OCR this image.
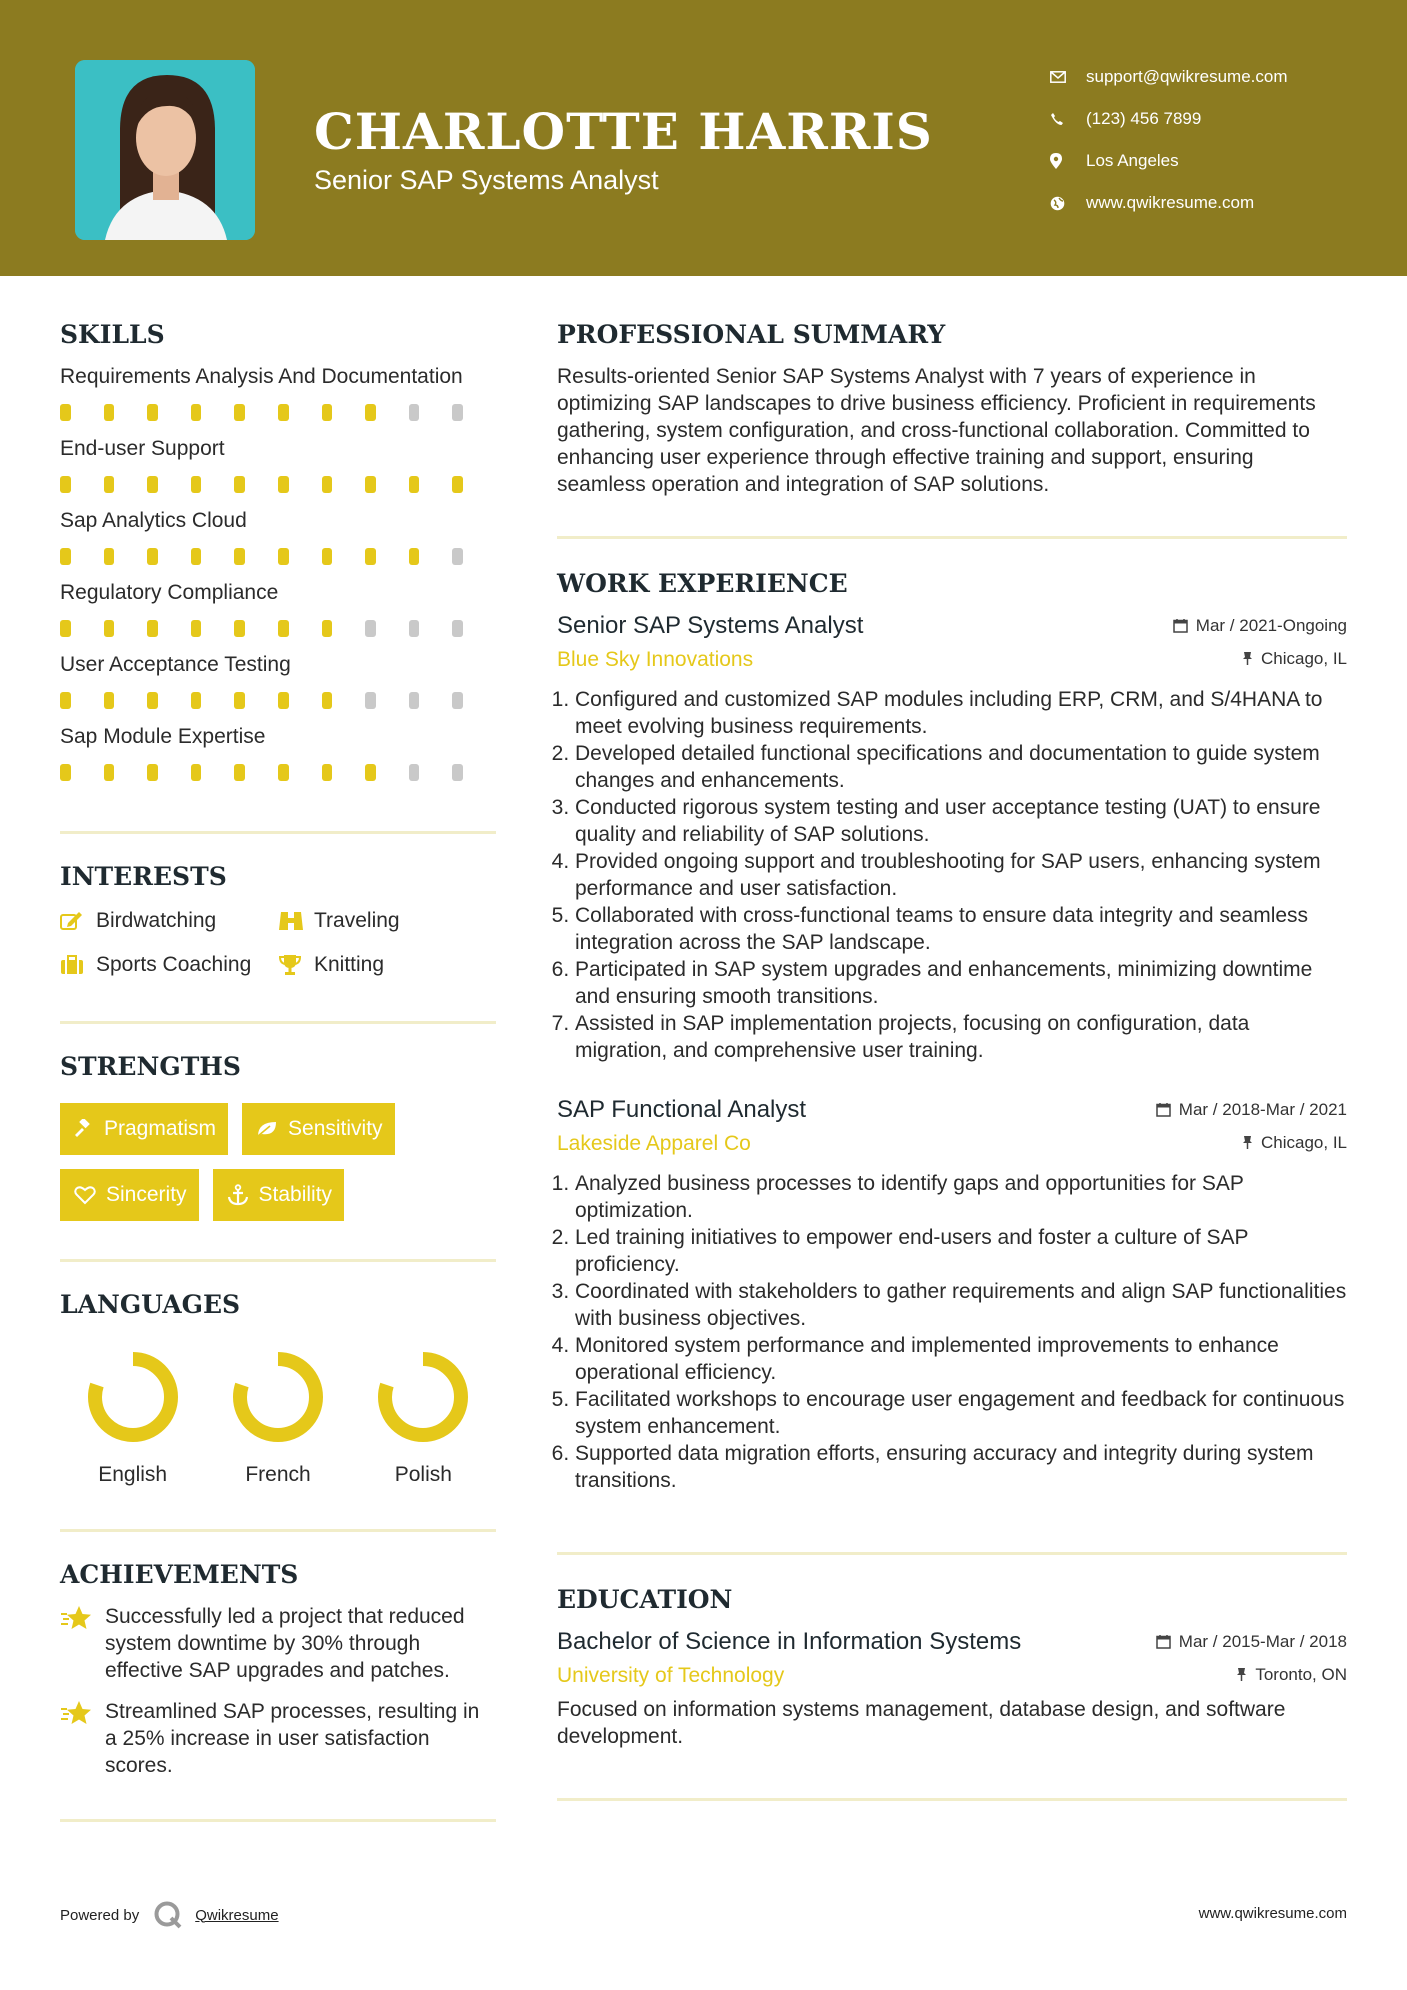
CHARLOTTE HARRIS
Senior SAP Systems Analyst
support@qwikresume.com
(123) 456 7899
Los Angeles
www.qwikresume.com
SKILLS
Requirements Analysis And Documentation
End-user Support
Sap Analytics Cloud
Regulatory Compliance
User Acceptance Testing
Sap Module Expertise
INTERESTS
Birdwatching	Traveling
Sports Coaching	Knitting
STRENGTHS
Pragmatism	Sensitivity
Sincerity	Stability
LANGUAGES
English	French	Polish
ACHIEVEMENTS
Successfully led a project that reduced system downtime by 30% through effective SAP upgrades and patches.
Streamlined SAP processes, resulting in a 25% increase in user satisfaction scores.
PROFESSIONAL SUMMARY
Results-oriented Senior SAP Systems Analyst with 7 years of experience in optimizing SAP landscapes to drive business efficiency. Proficient in requirements gathering, system configuration, and cross-functional collaboration. Committed to enhancing user experience through effective training and support, ensuring seamless operation and integration of SAP solutions.
WORK EXPERIENCE
Senior SAP Systems Analyst	Mar / 2021-Ongoing
Blue Sky Innovations	Chicago, IL
1. Configured and customized SAP modules including ERP, CRM, and S/4HANA to meet evolving business requirements.
2. Developed detailed functional specifications and documentation to guide system changes and enhancements.
3. Conducted rigorous system testing and user acceptance testing (UAT) to ensure quality and reliability of SAP solutions.
4. Provided ongoing support and troubleshooting for SAP users, enhancing system performance and user satisfaction.
5. Collaborated with cross-functional teams to ensure data integrity and seamless integration across the SAP landscape.
6. Participated in SAP system upgrades and enhancements, minimizing downtime and ensuring smooth transitions.
7. Assisted in SAP implementation projects, focusing on configuration, data migration, and comprehensive user training.
SAP Functional Analyst	Mar / 2018-Mar / 2021
Lakeside Apparel Co	Chicago, IL
1. Analyzed business processes to identify gaps and opportunities for SAP optimization.
2. Led training initiatives to empower end-users and foster a culture of SAP proficiency.
3. Coordinated with stakeholders to gather requirements and align SAP functionalities with business objectives.
4. Monitored system performance and implemented improvements to enhance operational efficiency.
5. Facilitated workshops to encourage user engagement and feedback for continuous system enhancement.
6. Supported data migration efforts, ensuring accuracy and integrity during system transitions.
EDUCATION
Bachelor of Science in Information Systems	Mar / 2015-Mar / 2018
University of Technology	Toronto, ON
Focused on information systems management, database design, and software development.
Powered by	Qwikresume	www.qwikresume.com
